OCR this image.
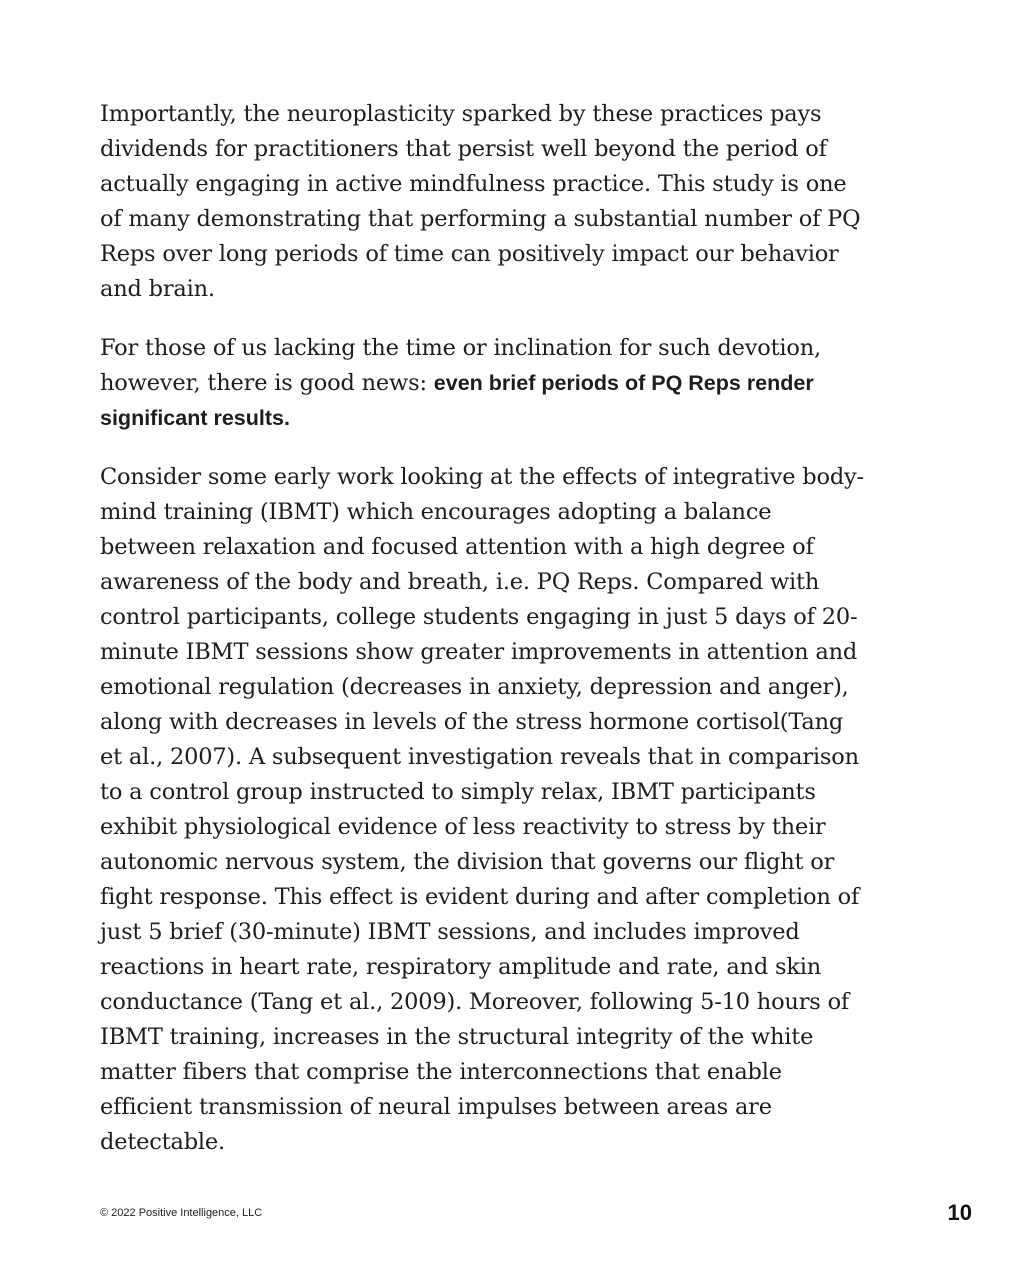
Importantly, the neuroplasticity sparked by these practices pays dividends for practitioners that persist well beyond the period of actually engaging in active mindfulness practice. This study is one of many demonstrating that performing a substantial number of PQ Reps over long periods of time can positively impact our behavior and brain.

For those of us lacking the time or inclination for such devotion, however, there is good news: even brief periods of PQ Reps render significant results.

Consider some early work looking at the effects of integrative body-mind training (IBMT) which encourages adopting a balance between relaxation and focused attention with a high degree of awareness of the body and breath, i.e. PQ Reps. Compared with control participants, college students engaging in just 5 days of 20-minute IBMT sessions show greater improvements in attention and emotional regulation (decreases in anxiety, depression and anger), along with decreases in levels of the stress hormone cortisol(Tang et al., 2007). A subsequent investigation reveals that in comparison to a control group instructed to simply relax, IBMT participants exhibit physiological evidence of less reactivity to stress by their autonomic nervous system, the division that governs our flight or fight response. This effect is evident during and after completion of just 5 brief (30-minute) IBMT sessions, and includes improved reactions in heart rate, respiratory amplitude and rate, and skin conductance (Tang et al., 2009). Moreover, following 5-10 hours of IBMT training, increases in the structural integrity of the white matter fibers that comprise the interconnections that enable efficient transmission of neural impulses between areas are detectable.

© 2022 Positive Intelligence, LLC	10
